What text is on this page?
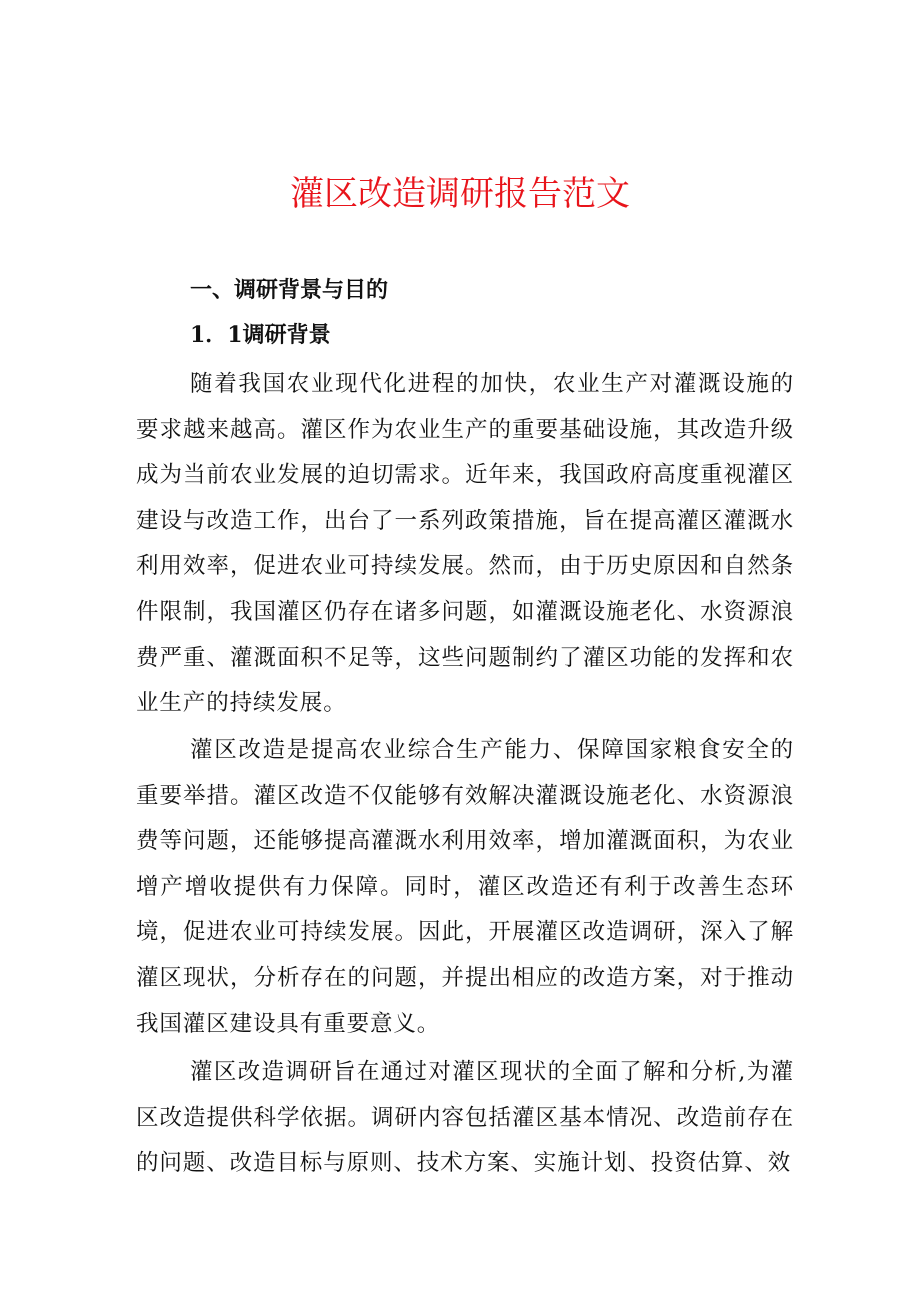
灌区改造调研报告范文
一、调研背景与目的
1．1调研背景

随着我国农业现代化进程的加快，农业生产对灌溉设施的要求越来越高。灌区作为农业生产的重要基础设施，其改造升级成为当前农业发展的迫切需求。近年来，我国政府高度重视灌区建设与改造工作，出台了一系列政策措施，旨在提高灌区灌溉水利用效率，促进农业可持续发展。然而，由于历史原因和自然条件限制，我国灌区仍存在诸多问题，如灌溉设施老化、水资源浪费严重、灌溉面积不足等，这些问题制约了灌区功能的发挥和农业生产的持续发展。

灌区改造是提高农业综合生产能力、保障国家粮食安全的重要举措。灌区改造不仅能够有效解决灌溉设施老化、水资源浪费等问题，还能够提高灌溉水利用效率，增加灌溉面积，为农业增产增收提供有力保障。同时，灌区改造还有利于改善生态环境，促进农业可持续发展。因此，开展灌区改造调研，深入了解灌区现状，分析存在的问题，并提出相应的改造方案，对于推动我国灌区建设具有重要意义。

灌区改造调研旨在通过对灌区现状的全面了解和分析,为灌区改造提供科学依据。调研内容包括灌区基本情况、改造前存在的问题、改造目标与原则、技术方案、实施计划、投资估算、效
